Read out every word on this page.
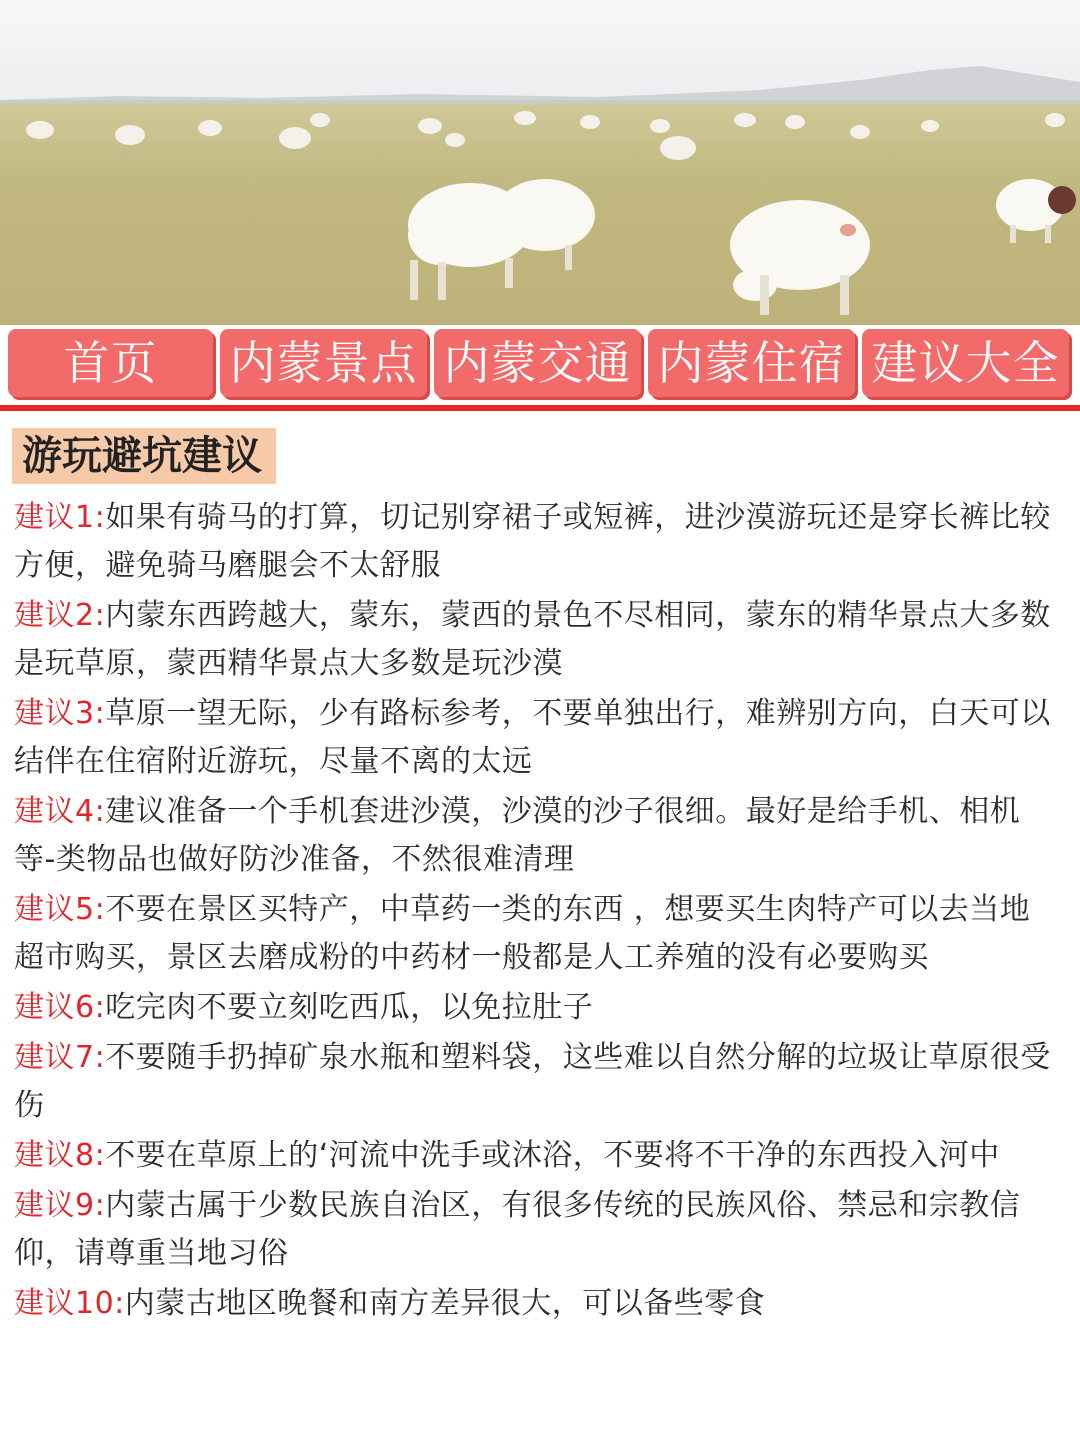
首页	内蒙景点 内蒙交通 内蒙住宿 建议大全
游玩避坑建议
建议1:如果有骑马的打算，切记别穿裙子或短裤，进沙漠游玩还是穿长裤比较方便，避免骑马磨腿会不太舒服
建议2:内蒙东西跨越大，蒙东，蒙西的景色不尽相同，蒙东的精华景点大多数是玩草原，蒙西精华景点大多数是玩沙漠
建议3:草原一望无际，少有路标参考，不要单独出行，难辨别方向，白天可以结伴在住宿附近游玩，尽量不离的太远
建议4:建议准备一个手机套进沙漠，沙漠的沙子很细。最好是给手机、相机等-类物品也做好防沙准备，不然很难清理
建议5:不要在景区买特产，中草药一类的东西 ，想要买生肉特产可以去当地超市购买，景区去磨成粉的中药材一般都是人工养殖的没有必要购买
建议6:吃完肉不要立刻吃西瓜，以免拉肚子
建议7:不要随手扔掉矿泉水瓶和塑料袋，这些难以自然分解的垃圾让草原很受伤
建议8:不要在草原上的‘河流中洗手或沐浴，不要将不干净的东西投入河中
建议9:内蒙古属于少数民族自治区，有很多传统的民族风俗、禁忌和宗教信仰，请尊重当地习俗
建议10:内蒙古地区晚餐和南方差异很大，可以备些零食
